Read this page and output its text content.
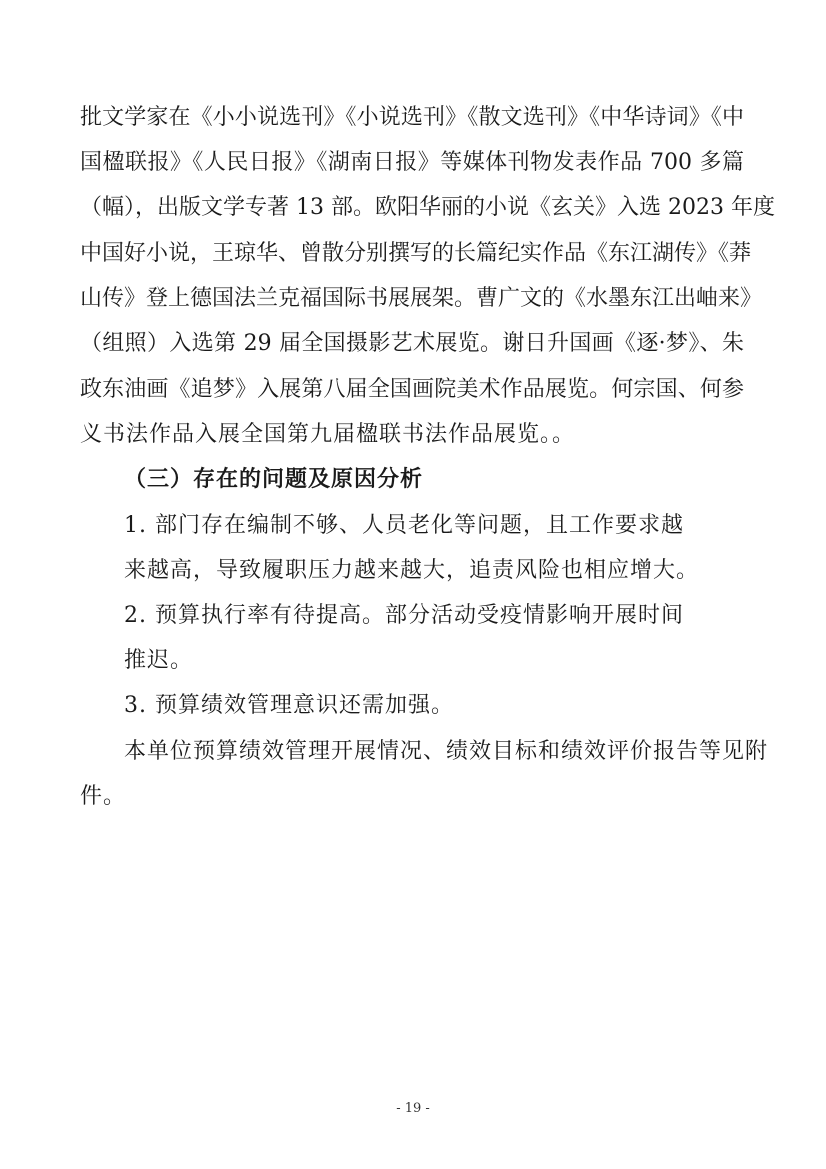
批文学家在《小小说选刊》《小说选刊》《散文选刊》《中华诗词》《中
国楹联报》《人民日报》《湖南日报》等媒体刊物发表作品 700 多篇
（幅），出版文学专著 13 部。欧阳华丽的小说《玄关》入选 2023 年度
中国好小说，王琼华、曾散分别撰写的长篇纪实作品《东江湖传》《莽
山传》登上德国法兰克福国际书展展架。曹广文的《水墨东江出岫来》
（组照）入选第 29 届全国摄影艺术展览。谢日升国画《逐·梦》、朱
政东油画《追梦》入展第八届全国画院美术作品展览。何宗国、何参
义书法作品入展全国第九届楹联书法作品展览。。
（三）存在的问题及原因分析
1. 部门存在编制不够、人员老化等问题，且工作要求越
来越高，导致履职压力越来越大，追责风险也相应增大。
2. 预算执行率有待提高。部分活动受疫情影响开展时间
推迟。
3. 预算绩效管理意识还需加强。
本单位预算绩效管理开展情况、绩效目标和绩效评价报告等见附
件。
- 19 -
